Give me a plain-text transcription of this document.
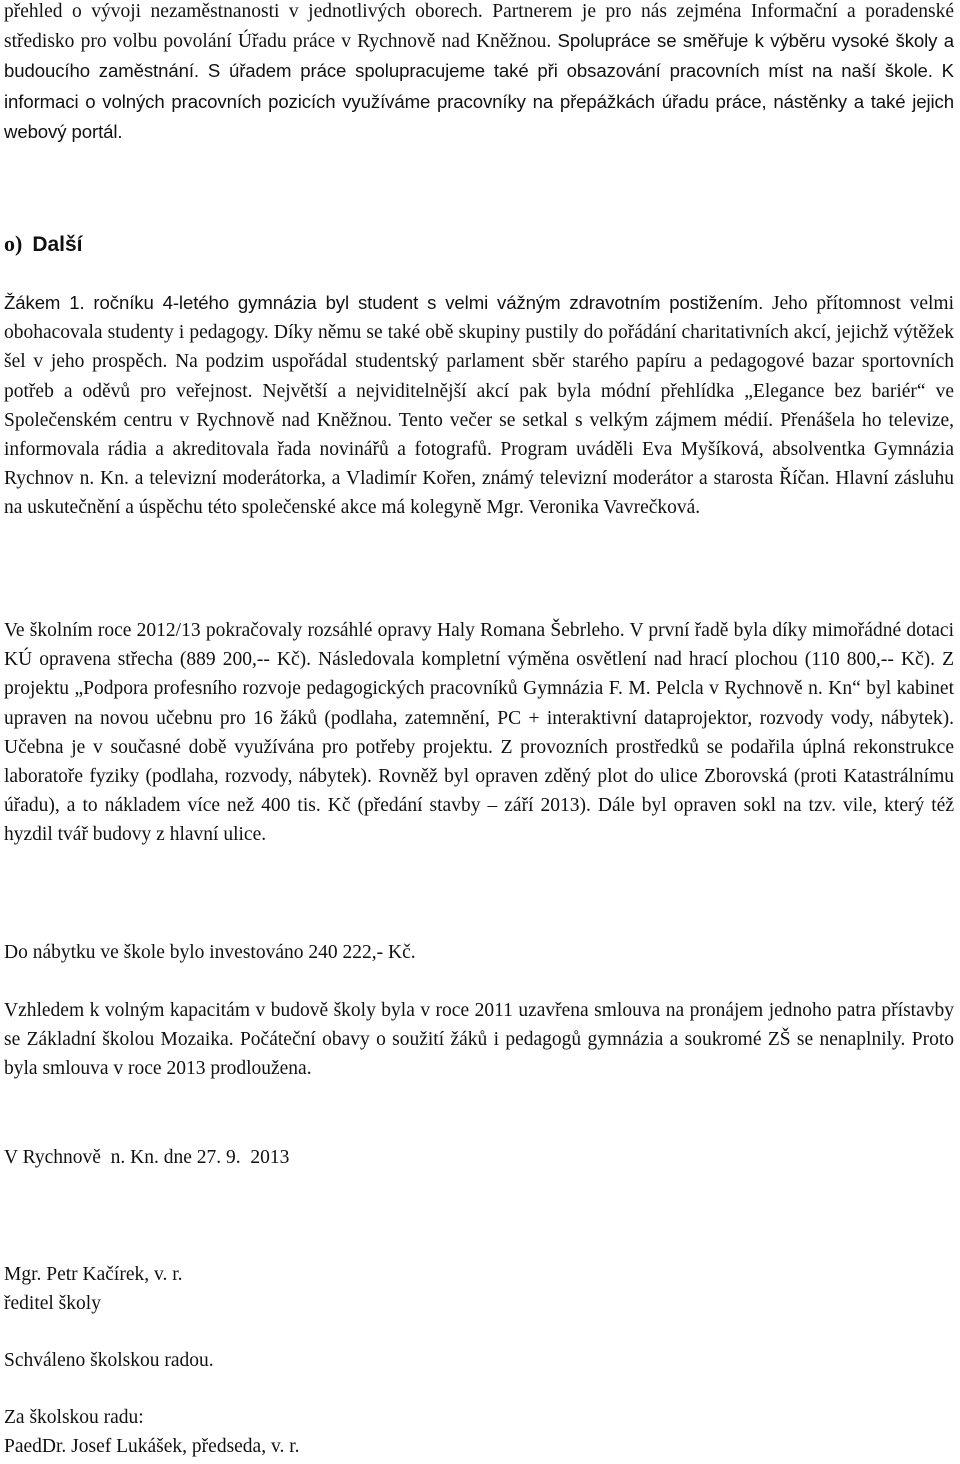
přehled o vývoji nezaměstnanosti v jednotlivých oborech. Partnerem je pro nás zejména Informační a poradenské středisko pro volbu povolání Úřadu práce v Rychnově nad Kněžnou. Spolupráce se směřuje k výběru vysoké školy a budoucího zaměstnání. S úřadem práce spolupracujeme také při obsazování pracovních míst na naší škole. K informaci o volných pracovních pozicích využíváme pracovníky na přepážkách úřadu práce, nástěnky a také jejich webový portál.

o) Další

Žákem 1. ročníku 4-letého gymnázia byl student s velmi vážným zdravotním postižením. Jeho přítomnost velmi obohacovala studenty i pedagogy. Díky němu se také obě skupiny pustily do pořádání charitativních akcí, jejichž výtěžek šel v jeho prospěch. Na podzim uspořádal studentský parlament sběr starého papíru a pedagogové bazar sportovních potřeb a oděvů pro veřejnost. Největší a nejviditelnější akcí pak byla módní přehlídka „Elegance bez bariér“ ve Společenském centru v Rychnově nad Kněžnou. Tento večer se setkal s velkým zájmem médií. Přenášela ho televize, informovala rádia a akreditovala řada novinářů a fotografů. Program uváděli Eva Myšíková, absolventka Gymnázia Rychnov n. Kn. a televizní moderátorka, a Vladimír Kořen, známý televizní moderátor a starosta Říčan. Hlavní zásluhu na uskutečnění a úspěchu této společenské akce má kolegyně Mgr. Veronika Vavrečková.

Ve školním roce 2012/13 pokračovaly rozsáhlé opravy Haly Romana Šebrleho. V první řadě byla díky mimořádné dotaci KÚ opravena střecha (889 200,-- Kč). Následovala kompletní výměna osvětlení nad hrací plochou (110 800,-- Kč). Z projektu „Podpora profesního rozvoje pedagogických pracovníků Gymnázia F. M. Pelcla v Rychnově n. Kn“ byl kabinet upraven na novou učebnu pro 16 žáků (podlaha, zatemnění, PC + interaktivní dataprojektor, rozvody vody, nábytek). Učebna je v současné době využívána pro potřeby projektu. Z provozních prostředků se podařila úplná rekonstrukce laboratoře fyziky (podlaha, rozvody, nábytek). Rovněž byl opraven zděný plot do ulice Zborovská (proti Katastrálnímu úřadu), a to nákladem více než 400 tis. Kč (předání stavby – září 2013). Dále byl opraven sokl na tzv. vile, který též hyzdil tvář budovy z hlavní ulice.

Do nábytku ve škole bylo investováno 240 222,- Kč.

Vzhledem k volným kapacitám v budově školy byla v roce 2011 uzavřena smlouva na pronájem jednoho patra přístavby se Základní školou Mozaika. Počáteční obavy o soužití žáků i pedagogů gymnázia a soukromé ZŠ se nenaplnily. Proto byla smlouva v roce 2013 prodloužena.

V Rychnově  n. Kn. dne 27. 9.  2013

Mgr. Petr Kačírek, v. r.

ředitel školy

Schváleno školskou radou.

Za školskou radu:

PaedDr. Josef Lukášek, předseda, v. r.
